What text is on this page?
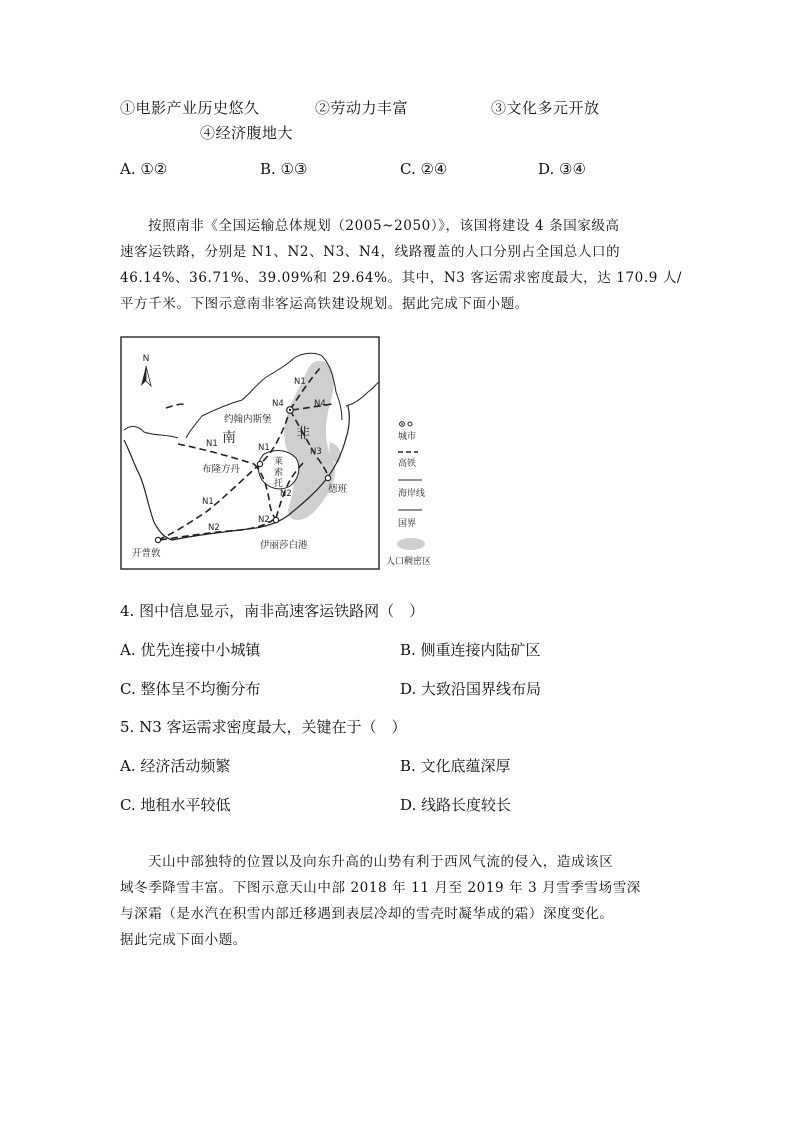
①电影产业历史悠久	②劳动力丰富	③文化多元开放
④经济腹地大
A. ①②	B. ①③	C. ②④	D. ③④
按照南非《全国运输总体规划（2005~2050）》，该国将建设 4 条国家级高
速客运铁路，分别是 N1、N2、N3、N4，线路覆盖的人口分别占全国总人口的
46.14%、36.71%、39.09%和 29.64%。其中，N3 客运需求密度最大，达 170.9 人/
平方千米。下图示意南非客运高铁建设规划。据此完成下面小题。
N
南	非
约翰内斯堡
布隆方丹
德班
开普敦
伊丽莎白港
莱
索
托
N1
N4	N4
N1	N1	N3
N2
N1
N2
N2
城市
高铁
海岸线
国界
人口稠密区
4. 图中信息显示，南非高速客运铁路网（　）
A. 优先连接中小城镇	B. 侧重连接内陆矿区
C. 整体呈不均衡分布	D. 大致沿国界线布局
5. N3 客运需求密度最大，关键在于（　）
A. 经济活动频繁	B. 文化底蕴深厚
C. 地租水平较低	D. 线路长度较长
天山中部独特的位置以及向东升高的山势有利于西风气流的侵入，造成该区
域冬季降雪丰富。下图示意天山中部 2018 年 11 月至 2019 年 3 月雪季雪场雪深
与深霜（是水汽在积雪内部迁移遇到表层冷却的雪壳时凝华成的霜）深度变化。
据此完成下面小题。
